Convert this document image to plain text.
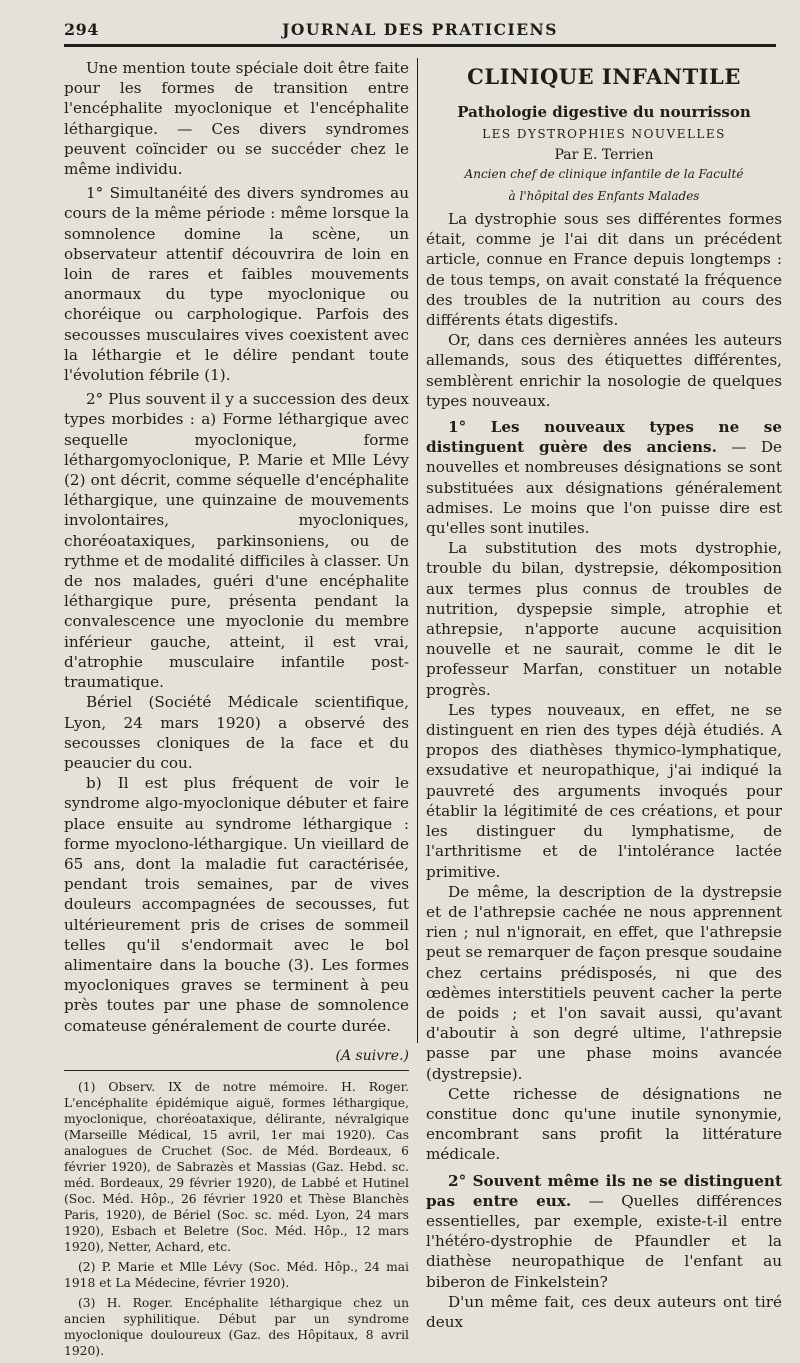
294	JOURNAL DES PRATICIENS

Une mention toute spéciale doit être faite pour les formes de transition entre l'encéphalite myoclonique et l'encéphalite léthargique. — Ces divers syndromes peuvent coïncider ou se succéder chez le même individu.

1° Simultanéité des divers syndromes au cours de la même période : même lorsque la somnolence domine la scène, un observateur attentif découvrira de loin en loin de rares et faibles mouvements anormaux du type myoclonique ou choréique ou carphologique. Parfois des secousses musculaires vives coexistent avec la léthargie et le délire pendant toute l'évolution fébrile (1).

2° Plus souvent il y a succession des deux types morbides : a) Forme léthargique avec sequelle myoclonique, forme léthargomyoclonique, P. Marie et Mlle Lévy (2) ont décrit, comme séquelle d'encéphalite léthargique, une quinzaine de mouvements involontaires, myocloniques, choréoataxiques, parkinsoniens, ou de rythme et de modalité difficiles à classer. Un de nos malades, guéri d'une encéphalite léthargique pure, présenta pendant la convalescence une myoclonie du membre inférieur gauche, atteint, il est vrai, d'atrophie musculaire infantile post-traumatique.

Bériel (Société Médicale scientifique, Lyon, 24 mars 1920) a observé des secousses cloniques de la face et du peaucier du cou.

b) Il est plus fréquent de voir le syndrome algo-myoclonique débuter et faire place ensuite au syndrome léthargique : forme myoclono-léthargique. Un vieillard de 65 ans, dont la maladie fut caractérisée, pendant trois semaines, par de vives douleurs accompagnées de secousses, fut ultérieurement pris de crises de sommeil telles qu'il s'endormait avec le bol alimentaire dans la bouche (3). Les formes myocloniques graves se terminent à peu près toutes par une phase de somnolence comateuse généralement de courte durée.

(A suivre.)

(1) Observ. IX de notre mémoire. H. Roger. L'encéphalite épidémique aiguë, formes léthargique, myoclonique, choréoataxique, délirante, névralgique (Marseille Médical, 15 avril, 1er mai 1920). Cas analogues de Cruchet (Soc. de Méd. Bordeaux, 6 février 1920), de Sabrazès et Massias (Gaz. Hebd. sc. méd. Bordeaux, 29 février 1920), de Labbé et Hutinel (Soc. Méd. Hôp., 26 février 1920 et Thèse Blanchès Paris, 1920), de Bériel (Soc. sc. méd. Lyon, 24 mars 1920), Esbach et Beletre (Soc. Méd. Hôp., 12 mars 1920), Netter, Achard, etc.

(2) P. Marie et Mlle Lévy (Soc. Méd. Hôp., 24 mai 1918 et La Médecine, février 1920).

(3) H. Roger. Encéphalite léthargique chez un ancien syphilitique. Début par un syndrome myoclonique douloureux (Gaz. des Hôpitaux, 8 avril 1920).

CLINIQUE INFANTILE
Pathologie digestive du nourrisson
LES DYSTROPHIES NOUVELLES
Par E. Terrien
Ancien chef de clinique infantile de la Faculté
à l'hôpital des Enfants Malades

La dystrophie sous ses différentes formes était, comme je l'ai dit dans un précédent article, connue en France depuis longtemps : de tous temps, on avait constaté la fréquence des troubles de la nutrition au cours des différents états digestifs.

Or, dans ces dernières années les auteurs allemands, sous des étiquettes différentes, semblèrent enrichir la nosologie de quelques types nouveaux.

1° Les nouveaux types ne se distinguent guère des anciens. — De nouvelles et nombreuses désignations se sont substituées aux désignations généralement admises. Le moins que l'on puisse dire est qu'elles sont inutiles.

La substitution des mots dystrophie, trouble du bilan, dystrepsie, dékomposition aux termes plus connus de troubles de nutrition, dyspepsie simple, atrophie et athrepsie, n'apporte aucune acquisition nouvelle et ne saurait, comme le dit le professeur Marfan, constituer un notable progrès.

Les types nouveaux, en effet, ne se distinguent en rien des types déjà étudiés. A propos des diathèses thymico-lymphatique, exsudative et neuropathique, j'ai indiqué la pauvreté des arguments invoqués pour établir la légitimité de ces créations, et pour les distinguer du lymphatisme, de l'arthritisme et de l'intolérance lactée primitive.

De même, la description de la dystrepsie et de l'athrepsie cachée ne nous apprennent rien ; nul n'ignorait, en effet, que l'athrepsie peut se remarquer de façon presque soudaine chez certains prédisposés, ni que des œdèmes interstitiels peuvent cacher la perte de poids ; et l'on savait aussi, qu'avant d'aboutir à son degré ultime, l'athrepsie passe par une phase moins avancée (dystrepsie).

Cette richesse de désignations ne constitue donc qu'une inutile synonymie, encombrant sans profit la littérature médicale.

2° Souvent même ils ne se distinguent pas entre eux. — Quelles différences essentielles, par exemple, existe-t-il entre l'hétéro-dystrophie de Pfaundler et la diathèse neuropathique de l'enfant au biberon de Finkelstein?

D'un même fait, ces deux auteurs ont tiré deux
